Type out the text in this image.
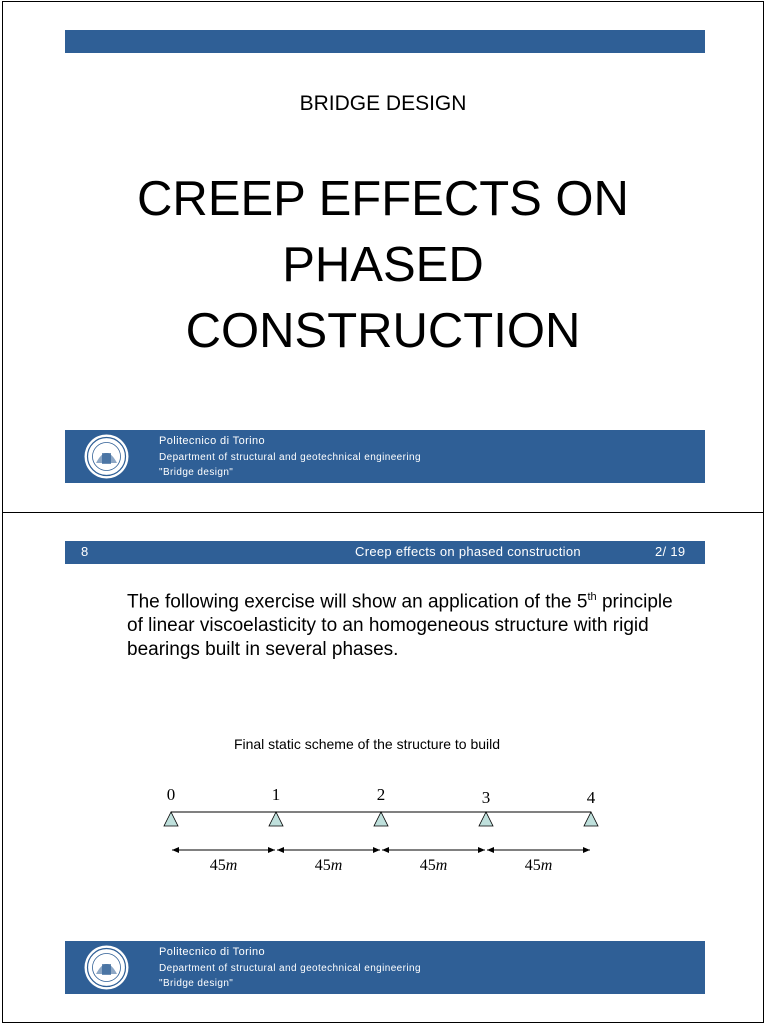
BRIDGE DESIGN
CREEP EFFECTS ON
PHASED
CONSTRUCTION
Politecnico di Torino
Department of structural and geotechnical engineering
"Bridge design"
8	Creep effects on phased construction	2/ 19
The following exercise will show an application of the 5th principle of linear viscoelasticity to an homogeneous structure with rigid bearings built in several phases.
Final static scheme of the structure to build
0	1	2	3	4
45m	45m	45m	45m
Politecnico di Torino
Department of structural and geotechnical engineering
"Bridge design"
